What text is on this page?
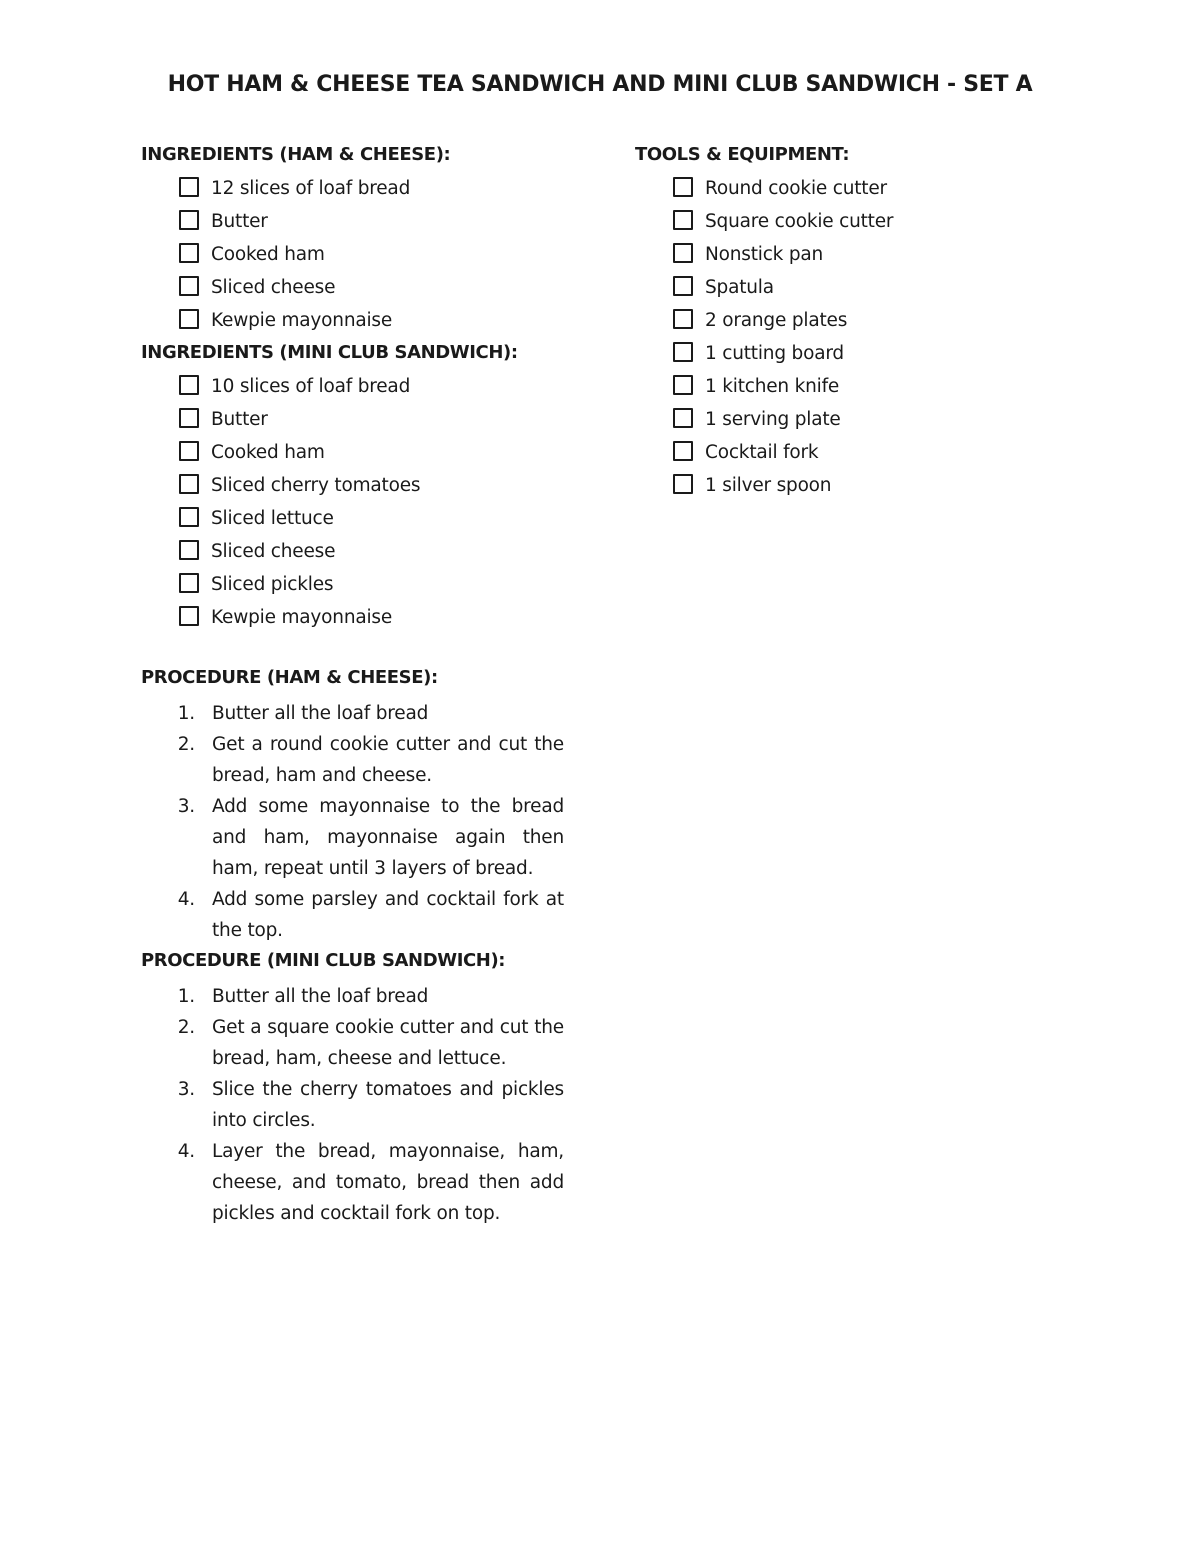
HOT HAM & CHEESE TEA SANDWICH AND MINI CLUB SANDWICH - SET A
INGREDIENTS (HAM & CHEESE):
12 slices of loaf bread
Butter
Cooked ham
Sliced cheese
Kewpie mayonnaise
INGREDIENTS (MINI CLUB SANDWICH):
10 slices of loaf bread
Butter
Cooked ham
Sliced cherry tomatoes
Sliced lettuce
Sliced cheese
Sliced pickles
Kewpie mayonnaise
PROCEDURE (HAM & CHEESE):
1. Butter all the loaf bread
2. Get a round cookie cutter and cut the bread, ham and cheese.
3. Add some mayonnaise to the bread and ham, mayonnaise again then ham, repeat until 3 layers of bread.
4. Add some parsley and cocktail fork at the top.
PROCEDURE (MINI CLUB SANDWICH):
1. Butter all the loaf bread
2. Get a square cookie cutter and cut the bread, ham, cheese and lettuce.
3. Slice the cherry tomatoes and pickles into circles.
4. Layer the bread, mayonnaise, ham, cheese, and tomato, bread then add pickles and cocktail fork on top.
TOOLS & EQUIPMENT:
Round cookie cutter
Square cookie cutter
Nonstick pan
Spatula
2 orange plates
1 cutting board
1 kitchen knife
1 serving plate
Cocktail fork
1 silver spoon
